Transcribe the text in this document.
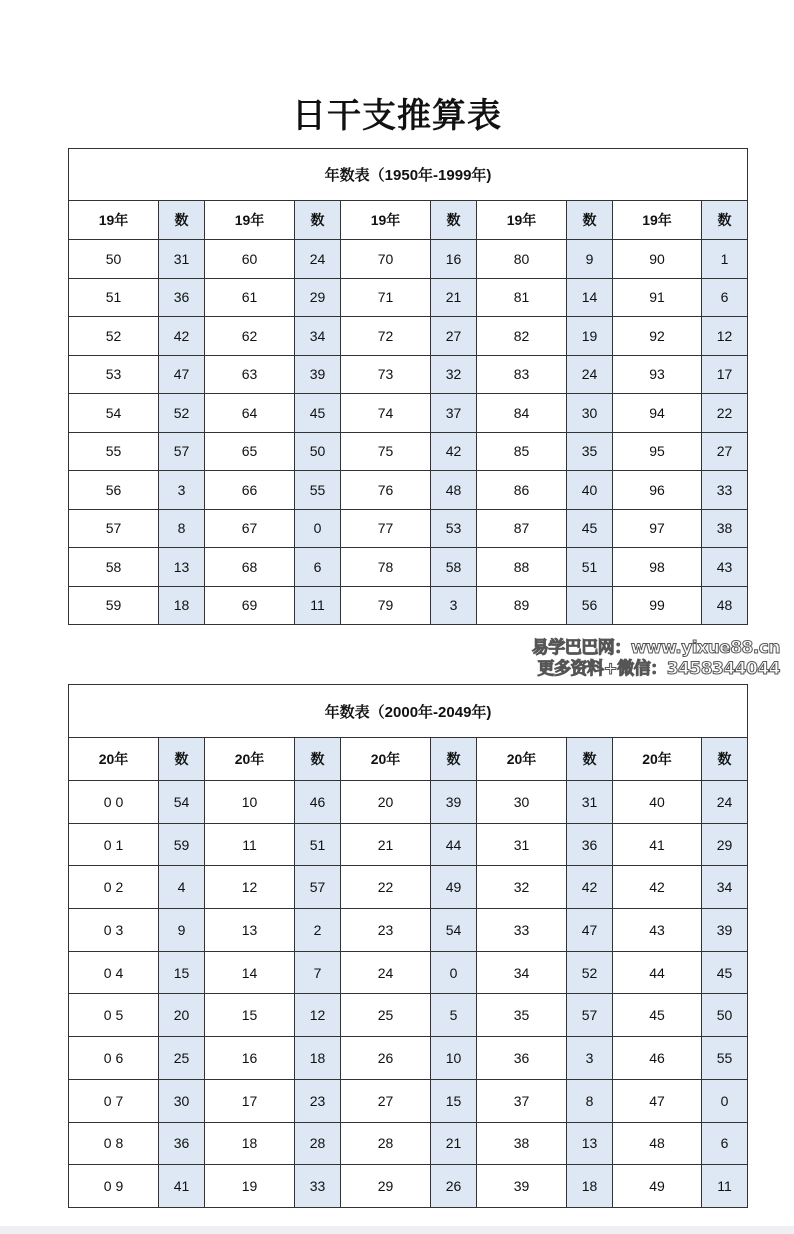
日干支推算表
年数表（1950年-1999年)									
19年	数	19年	数	19年	数	19年	数	19年	数
50	31	60	24	70	16	80	9	90	1
51	36	61	29	71	21	81	14	91	6
52	42	62	34	72	27	82	19	92	12
53	47	63	39	73	32	83	24	93	17
54	52	64	45	74	37	84	30	94	22
55	57	65	50	75	42	85	35	95	27
56	3	66	55	76	48	86	40	96	33
57	8	67	0	77	53	87	45	97	38
58	13	68	6	78	58	88	51	98	43
59	18	69	11	79	3	89	56	99	48
年数表（2000年-2049年)									
20年	数	20年	数	20年	数	20年	数	20年	数
0 0	54	10	46	20	39	30	31	40	24
0 1	59	11	51	21	44	31	36	41	29
0 2	4	12	57	22	49	32	42	42	34
0 3	9	13	2	23	54	33	47	43	39
0 4	15	14	7	24	0	34	52	44	45
0 5	20	15	12	25	5	35	57	45	50
0 6	25	16	18	26	10	36	3	46	55
0 7	30	17	23	27	15	37	8	47	0
0 8	36	18	28	28	21	38	13	48	6
0 9	41	19	33	29	26	39	18	49	11
易学巴巴网：www.yixue88.cn
更多资料+微信：3458344044
